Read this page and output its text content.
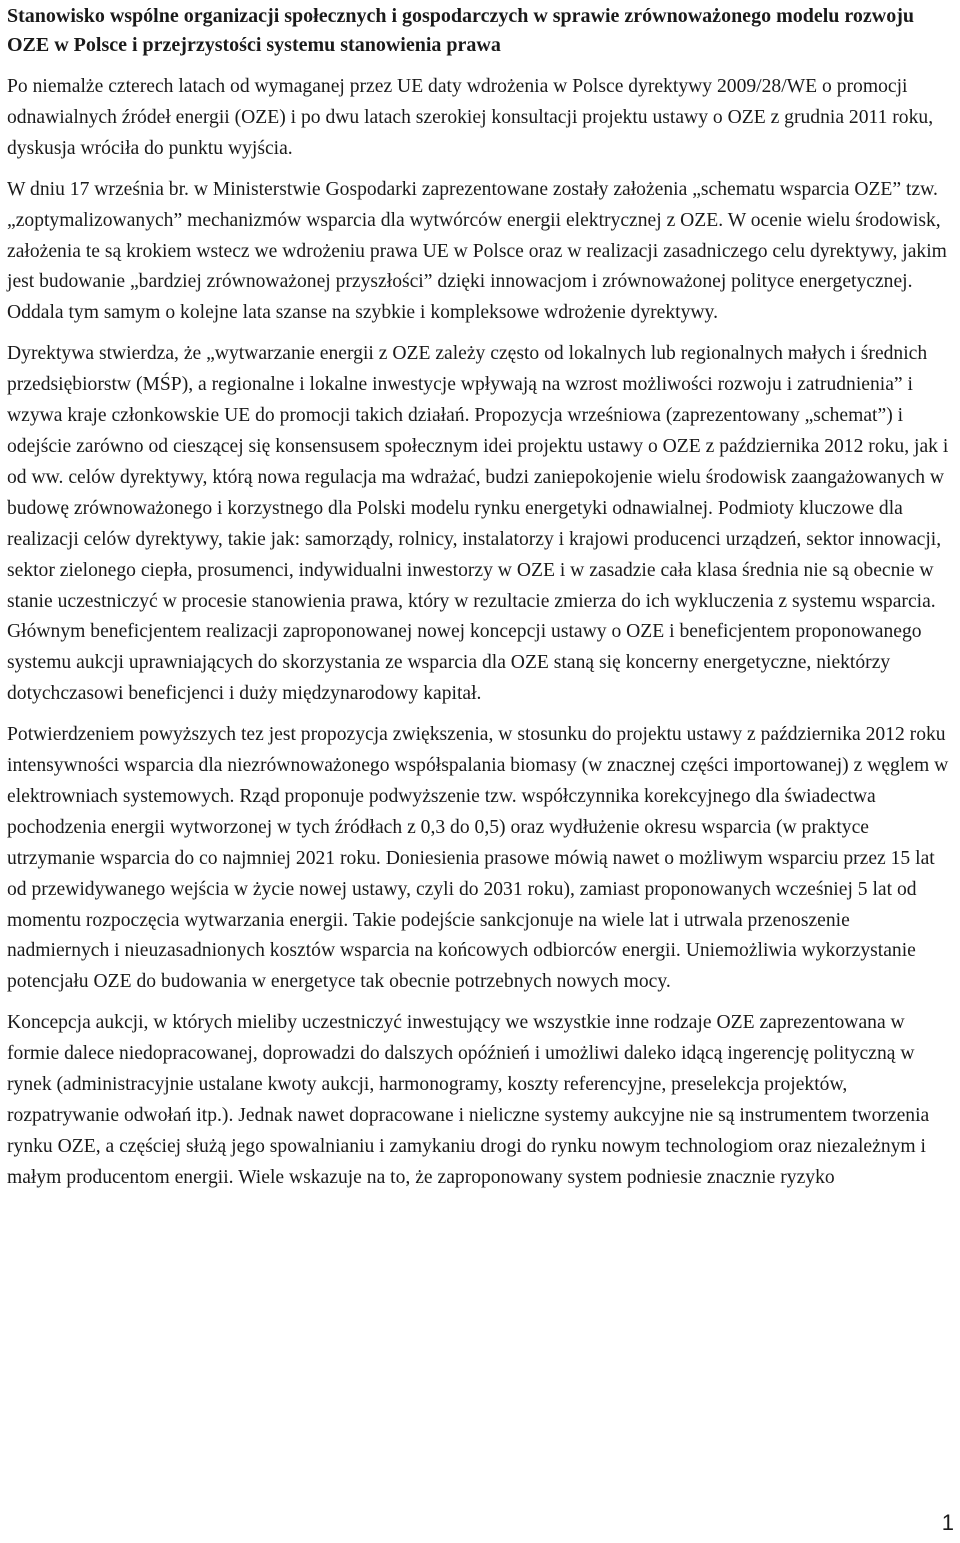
Stanowisko wspólne organizacji społecznych i gospodarczych w sprawie zrównoważonego modelu rozwoju OZE w Polsce i przejrzystości systemu stanowienia prawa

Po niemalże czterech latach od wymaganej przez UE daty wdrożenia w Polsce dyrektywy 2009/28/WE o promocji odnawialnych źródeł energii (OZE) i po dwu latach szerokiej konsultacji projektu ustawy o OZE z grudnia 2011 roku, dyskusja wróciła do punktu wyjścia.

W dniu 17 września br. w Ministerstwie Gospodarki zaprezentowane zostały założenia „schematu wsparcia OZE” tzw. „zoptymalizowanych” mechanizmów wsparcia dla wytwórców energii elektrycznej z OZE. W ocenie wielu środowisk, założenia te są krokiem wstecz we wdrożeniu prawa UE w Polsce oraz w realizacji zasadniczego celu dyrektywy, jakim jest budowanie „bardziej zrównoważonej przyszłości” dzięki innowacjom i zrównoważonej polityce energetycznej. Oddala tym samym o kolejne lata szanse na szybkie i kompleksowe wdrożenie dyrektywy.

Dyrektywa stwierdza, że „wytwarzanie energii z OZE zależy często od lokalnych lub regionalnych małych i średnich przedsiębiorstw (MŚP), a regionalne i lokalne inwestycje wpływają na wzrost możliwości rozwoju i zatrudnienia” i wzywa kraje członkowskie UE do promocji takich działań. Propozycja wrześniowa (zaprezentowany „schemat”) i odejście zarówno od cieszącej się konsensusem społecznym idei projektu ustawy o OZE z października 2012 roku, jak i od ww. celów dyrektywy, którą nowa regulacja ma wdrażać, budzi zaniepokojenie wielu środowisk zaangażowanych w budowę zrównoważonego i korzystnego dla Polski modelu rynku energetyki odnawialnej. Podmioty kluczowe dla realizacji celów dyrektywy, takie jak: samorządy, rolnicy, instalatorzy i krajowi producenci urządzeń, sektor innowacji, sektor zielonego ciepła, prosumenci, indywidualni inwestorzy w OZE i w zasadzie cała klasa średnia nie są obecnie w stanie uczestniczyć w procesie stanowienia prawa, który w rezultacie zmierza do ich wykluczenia z systemu wsparcia. Głównym beneficjentem realizacji zaproponowanej nowej koncepcji ustawy o OZE i beneficjentem proponowanego systemu aukcji uprawniających do skorzystania ze wsparcia dla OZE staną się koncerny energetyczne, niektórzy dotychczasowi beneficjenci i duży międzynarodowy kapitał.

Potwierdzeniem powyższych tez jest propozycja zwiększenia, w stosunku do projektu ustawy z października 2012 roku intensywności wsparcia dla niezrównoważonego współspalania biomasy (w znacznej części importowanej) z węglem w elektrowniach systemowych. Rząd proponuje podwyższenie tzw. współczynnika korekcyjnego dla świadectwa pochodzenia energii wytworzonej w tych źródłach z 0,3 do 0,5) oraz wydłużenie okresu wsparcia (w praktyce utrzymanie wsparcia do co najmniej 2021 roku. Doniesienia prasowe mówią nawet o możliwym wsparciu przez 15 lat od przewidywanego wejścia w życie nowej ustawy, czyli do 2031 roku), zamiast proponowanych wcześniej 5 lat od momentu rozpoczęcia wytwarzania energii. Takie podejście sankcjonuje na wiele lat i utrwala przenoszenie nadmiernych i nieuzasadnionych kosztów wsparcia na końcowych odbiorców energii. Uniemożliwia wykorzystanie potencjału OZE do budowania w energetyce tak obecnie potrzebnych nowych mocy.

Koncepcja aukcji, w których mieliby uczestniczyć inwestujący we wszystkie inne rodzaje OZE zaprezentowana w formie dalece niedopracowanej, doprowadzi do dalszych opóźnień i umożliwi daleko idącą ingerencję polityczną w rynek (administracyjnie ustalane kwoty aukcji, harmonogramy, koszty referencyjne, preselekcja projektów, rozpatrywanie odwołań itp.). Jednak nawet dopracowane i nieliczne systemy aukcyjne nie są instrumentem tworzenia rynku OZE, a częściej służą jego spowalnianiu i zamykaniu drogi do rynku nowym technologiom oraz niezależnym i małym producentom energii. Wiele wskazuje na to, że zaproponowany system podniesie znacznie ryzyko

1
